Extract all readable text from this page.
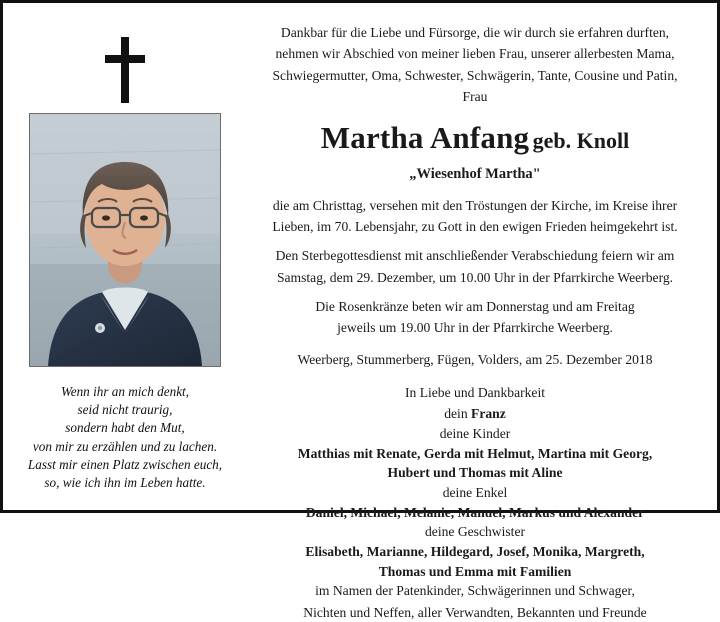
Wenn ihr an mich denkt,
seid nicht traurig,
sondern habt den Mut,
von mir zu erzählen und zu lachen.
Lasst mir einen Platz zwischen euch,
so, wie ich ihn im Leben hatte.
Dankbar für die Liebe und Fürsorge, die wir durch sie erfahren durften,
nehmen wir Abschied von meiner lieben Frau, unserer allerbesten Mama,
Schwiegermutter, Oma, Schwester, Schwägerin, Tante, Cousine und Patin,
Frau
Martha Anfang geb. Knoll
„Wiesenhof Martha"
die am Christtag, versehen mit den Tröstungen der Kirche, im Kreise ihrer
Lieben, im 70. Lebensjahr, zu Gott in den ewigen Frieden heimgekehrt ist.
Den Sterbegottesdienst mit anschließender Verabschiedung feiern wir am
Samstag, dem 29. Dezember, um 10.00 Uhr in der Pfarrkirche Weerberg.
Die Rosenkränze beten wir am Donnerstag und am Freitag
jeweils um 19.00 Uhr in der Pfarrkirche Weerberg.
Weerberg, Stummerberg, Fügen, Volders, am 25. Dezember 2018
In Liebe und Dankbarkeit
dein Franz
deine Kinder
Matthias mit Renate, Gerda mit Helmut, Martina mit Georg,
Hubert und Thomas mit Aline
deine Enkel
Daniel, Michael, Melanie, Manuel, Markus und Alexander
deine Geschwister
Elisabeth, Marianne, Hildegard, Josef, Monika, Margreth,
Thomas und Emma mit Familien
im Namen der Patenkinder, Schwägerinnen und Schwager,
Nichten und Neffen, aller Verwandten, Bekannten und Freunde
